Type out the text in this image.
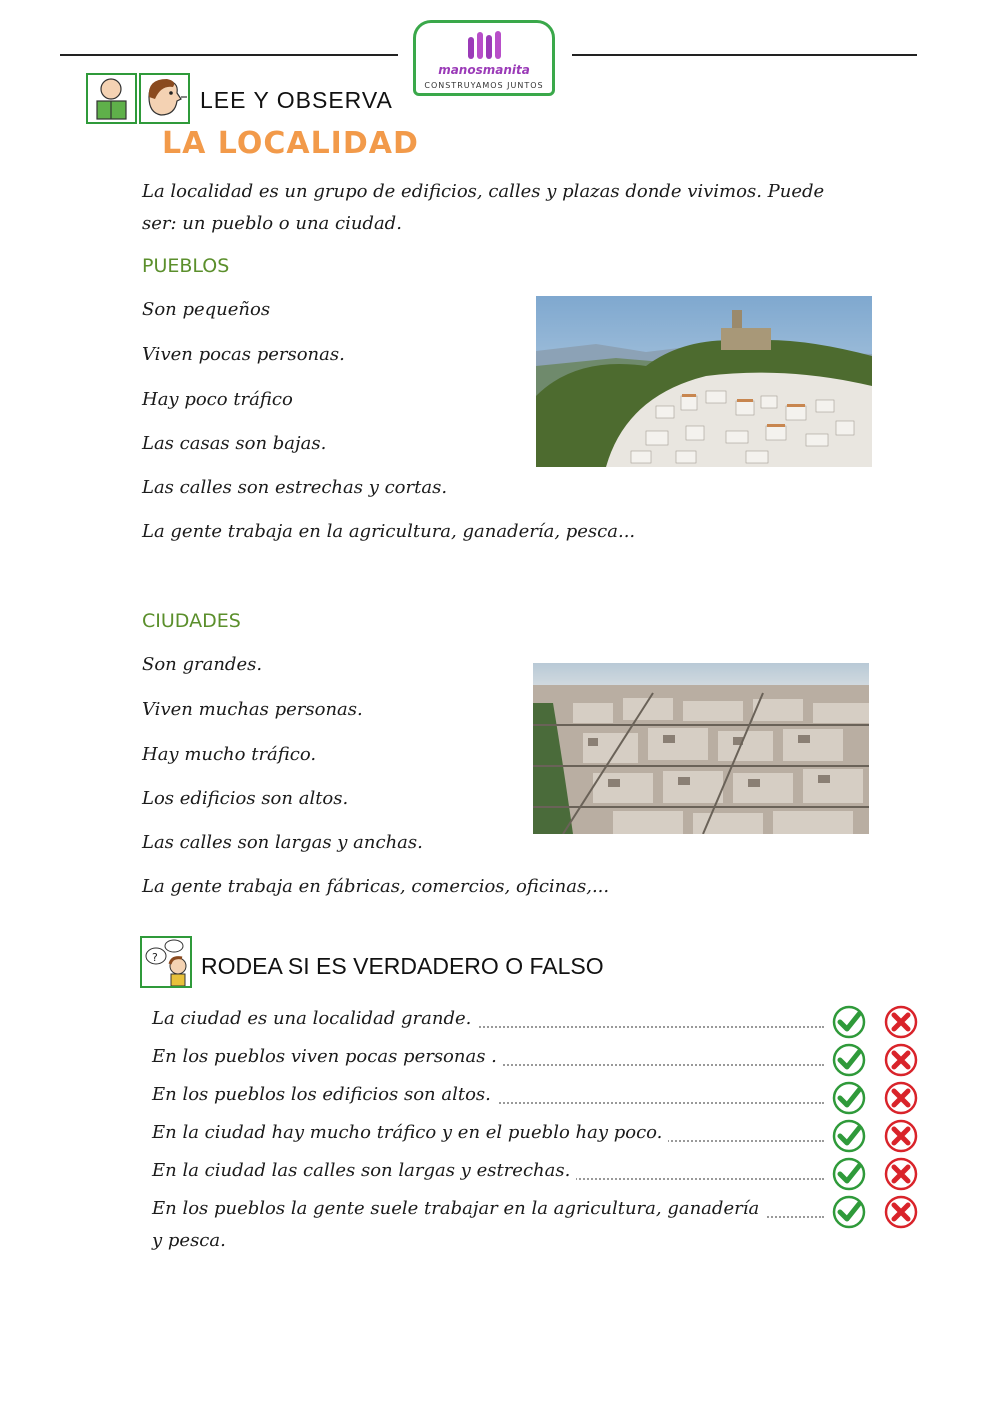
manosmanita
CONSTRUYAMOS JUNTOS
LEE Y OBSERVA
LA LOCALIDAD
La localidad es un grupo de edificios, calles y plazas donde vivimos. Puede ser: un pueblo o una ciudad.
PUEBLOS
Son pequeños
Viven pocas personas.
Hay poco tráfico
Las casas son bajas.
Las calles son estrechas y cortas.
La gente trabaja en la agricultura, ganadería, pesca...
CIUDADES
Son grandes.
Viven muchas personas.
Hay mucho tráfico.
Los edificios son altos.
Las calles son largas y anchas.
La gente trabaja en fábricas, comercios, oficinas,...
? RODEA SI ES VERDADERO O FALSO
La ciudad es una localidad grande.
En los pueblos viven pocas personas .
En los pueblos los edificios son altos.
En la ciudad hay mucho tráfico y en el pueblo hay poco.
En la ciudad las calles son largas y estrechas.
En los pueblos la gente suele trabajar en la agricultura, ganadería
y pesca.
